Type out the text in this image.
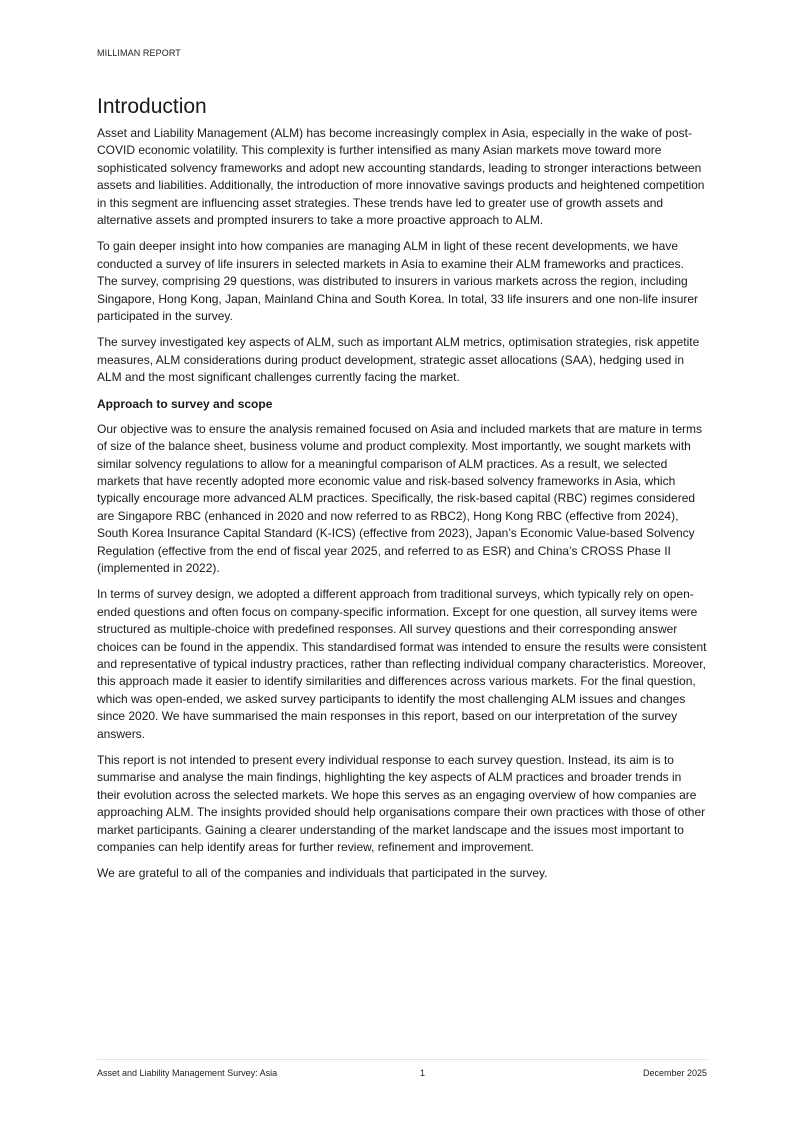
MILLIMAN REPORT
Introduction

Asset and Liability Management (ALM) has become increasingly complex in Asia, especially in the wake of post-COVID economic volatility. This complexity is further intensified as many Asian markets move toward more sophisticated solvency frameworks and adopt new accounting standards, leading to stronger interactions between assets and liabilities. Additionally, the introduction of more innovative savings products and heightened competition in this segment are influencing asset strategies. These trends have led to greater use of growth assets and alternative assets and prompted insurers to take a more proactive approach to ALM.

To gain deeper insight into how companies are managing ALM in light of these recent developments, we have conducted a survey of life insurers in selected markets in Asia to examine their ALM frameworks and practices. The survey, comprising 29 questions, was distributed to insurers in various markets across the region, including Singapore, Hong Kong, Japan, Mainland China and South Korea. In total, 33 life insurers and one non-life insurer participated in the survey.

The survey investigated key aspects of ALM, such as important ALM metrics, optimisation strategies, risk appetite measures, ALM considerations during product development, strategic asset allocations (SAA), hedging used in ALM and the most significant challenges currently facing the market.

Approach to survey and scope

Our objective was to ensure the analysis remained focused on Asia and included markets that are mature in terms of size of the balance sheet, business volume and product complexity. Most importantly, we sought markets with similar solvency regulations to allow for a meaningful comparison of ALM practices. As a result, we selected markets that have recently adopted more economic value and risk-based solvency frameworks in Asia, which typically encourage more advanced ALM practices. Specifically, the risk-based capital (RBC) regimes considered are Singapore RBC (enhanced in 2020 and now referred to as RBC2), Hong Kong RBC (effective from 2024), South Korea Insurance Capital Standard (K-ICS) (effective from 2023), Japan’s Economic Value-based Solvency Regulation (effective from the end of fiscal year 2025, and referred to as ESR) and China’s CROSS Phase II (implemented in 2022).

In terms of survey design, we adopted a different approach from traditional surveys, which typically rely on open-ended questions and often focus on company-specific information. Except for one question, all survey items were structured as multiple-choice with predefined responses. All survey questions and their corresponding answer choices can be found in the appendix. This standardised format was intended to ensure the results were consistent and representative of typical industry practices, rather than reflecting individual company characteristics. Moreover, this approach made it easier to identify similarities and differences across various markets. For the final question, which was open-ended, we asked survey participants to identify the most challenging ALM issues and changes since 2020. We have summarised the main responses in this report, based on our interpretation of the survey answers.

This report is not intended to present every individual response to each survey question. Instead, its aim is to summarise and analyse the main findings, highlighting the key aspects of ALM practices and broader trends in their evolution across the selected markets. We hope this serves as an engaging overview of how companies are approaching ALM. The insights provided should help organisations compare their own practices with those of other market participants. Gaining a clearer understanding of the market landscape and the issues most important to companies can help identify areas for further review, refinement and improvement.

We are grateful to all of the companies and individuals that participated in the survey.

Asset and Liability Management Survey: Asia	1	December 2025
